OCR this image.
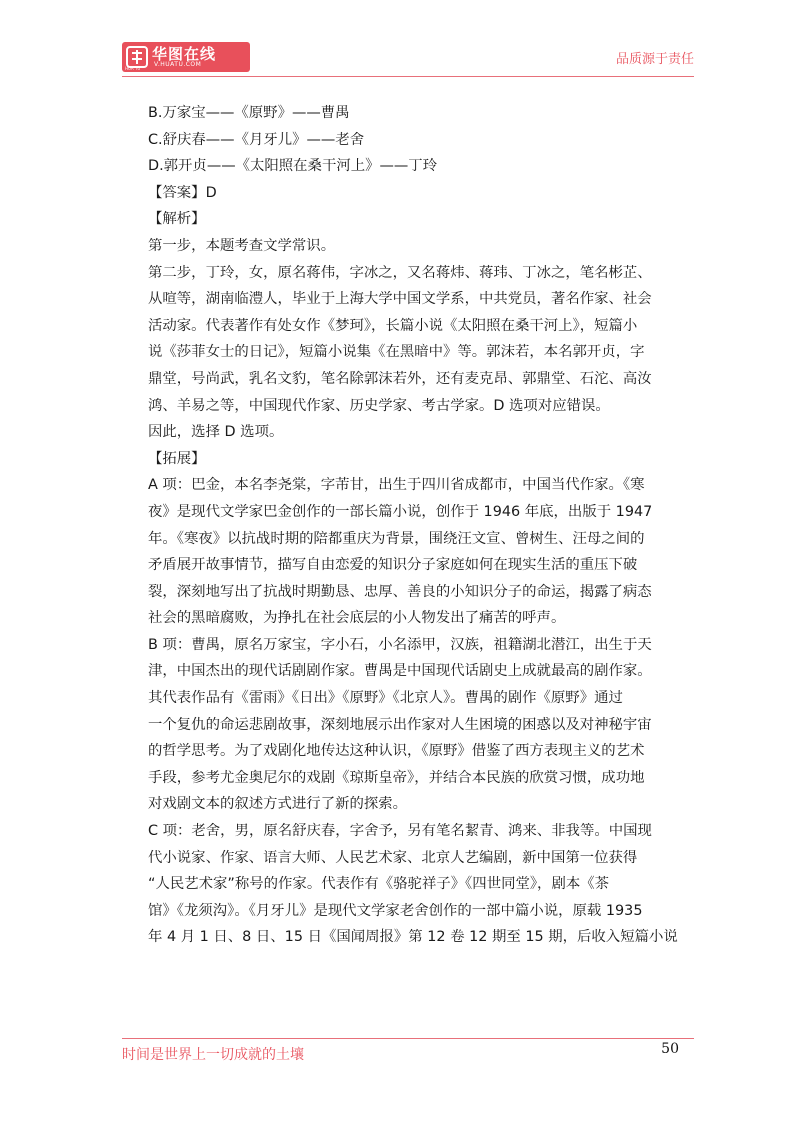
华图在线
V.HUATU.COM
HUA TU
品质源于责任

B.万家宝——《原野》——曹禺

C.舒庆春——《月牙儿》——老舍

D.郭开贞——《太阳照在桑干河上》——丁玲

【答案】D

【解析】

第一步，本题考查文学常识。

第二步，丁玲，女，原名蒋伟，字冰之，又名蒋炜、蒋玮、丁冰之，笔名彬芷、

从喧等，湖南临澧人，毕业于上海大学中国文学系，中共党员，著名作家、社会

活动家。代表著作有处女作《梦珂》，长篇小说《太阳照在桑干河上》，短篇小

说《莎菲女士的日记》，短篇小说集《在黑暗中》等。郭沫若，本名郭开贞，字

鼎堂，号尚武，乳名文豹，笔名除郭沫若外，还有麦克昂、郭鼎堂、石沱、高汝

鸿、羊易之等，中国现代作家、历史学家、考古学家。D 选项对应错误。

因此，选择 D 选项。

【拓展】

A 项：巴金，本名李尧棠，字芾甘，出生于四川省成都市，中国当代作家。《寒

夜》是现代文学家巴金创作的一部长篇小说，创作于 1946 年底，出版于 1947

年。《寒夜》以抗战时期的陪都重庆为背景，围绕汪文宣、曾树生、汪母之间的

矛盾展开故事情节，描写自由恋爱的知识分子家庭如何在现实生活的重压下破

裂，深刻地写出了抗战时期勤恳、忠厚、善良的小知识分子的命运，揭露了病态

社会的黑暗腐败，为挣扎在社会底层的小人物发出了痛苦的呼声。

B 项：曹禺，原名万家宝，字小石，小名添甲，汉族，祖籍湖北潜江，出生于天

津，中国杰出的现代话剧剧作家。曹禺是中国现代话剧史上成就最高的剧作家。

其代表作品有《雷雨》《日出》《原野》《北京人》。曹禺的剧作《原野》通过

一个复仇的命运悲剧故事，深刻地展示出作家对人生困境的困惑以及对神秘宇宙

的哲学思考。为了戏剧化地传达这种认识，《原野》借鉴了西方表现主义的艺术

手段，参考尤金奥尼尔的戏剧《琼斯皇帝》，并结合本民族的欣赏习惯，成功地

对戏剧文本的叙述方式进行了新的探索。

C 项：老舍，男，原名舒庆春，字舍予，另有笔名絜青、鸿来、非我等。中国现

代小说家、作家、语言大师、人民艺术家、北京人艺编剧，新中国第一位获得

“人民艺术家”称号的作家。代表作有《骆驼祥子》《四世同堂》，剧本《茶

馆》《龙须沟》。《月牙儿》是现代文学家老舍创作的一部中篇小说，原载 1935

年 4 月 1 日、8 日、15 日《国闻周报》第 12 卷 12 期至 15 期，后收入短篇小说

时间是世界上一切成就的土壤	50
